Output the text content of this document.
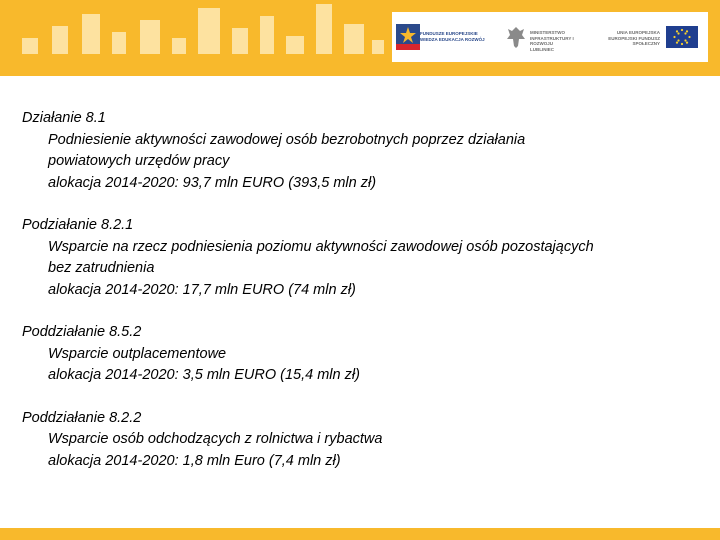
FUNDUSZE EUROPEJSKIE
WIEDZA EDUKACJA ROZWÓJ
MINISTERSTWO
INFRASTRUKTURY I ROZWOJU
LUBLINIEC
UNIA EUROPEJSKA
EUROPEJSKI FUNDUSZ
SPOŁECZNY
Działanie 8.1
Podniesienie aktywności zawodowej osób bezrobotnych poprzez działania
powiatowych urzędów pracy
alokacja 2014-2020: 93,7 mln EURO (393,5 mln zł)
Podziałanie 8.2.1
Wsparcie na rzecz podniesienia poziomu aktywności zawodowej osób pozostających
bez zatrudnienia
alokacja 2014-2020: 17,7 mln EURO (74 mln zł)
Poddziałanie 8.5.2
Wsparcie outplacementowe
alokacja 2014-2020: 3,5 mln EURO (15,4 mln zł)
Poddziałanie 8.2.2
Wsparcie osób odchodzących z rolnictwa i rybactwa
alokacja 2014-2020: 1,8 mln Euro (7,4 mln zł)
